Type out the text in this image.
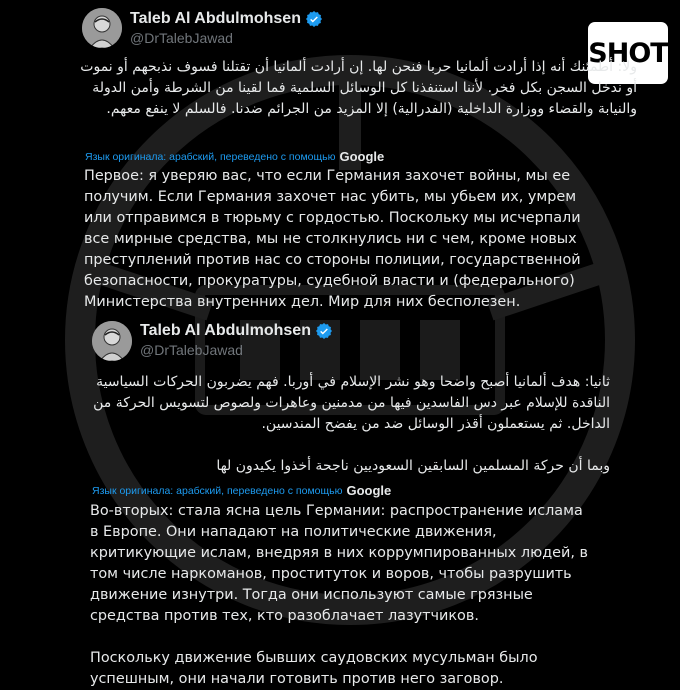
SHOT
Taleb Al Abdulmohsen
@DrTalebJawad
ولا: أطمئنك أنه إذا أرادت ألمانيا حربا فنحن لها. إن أرادت ألمانيا أن تقتلنا فسوف نذبحهم أو نموت أو ندخل السجن بكل فخر. لأننا استنفذنا كل الوسائل السلمية فما لقينا من الشرطة وأمن الدولة والنيابة والقضاء ووزارة الداخلية (الفدرالية) إلا المزيد من الجرائم ضدنا. فالسلم لا ينفع معهم.
Язык оригинала: арабский, переведено с помощью Google
Первое: я уверяю вас, что если Германия захочет войны, мы ее получим. Если Германия захочет нас убить, мы убьем их, умрем или отправимся в тюрьму с гордостью. Поскольку мы исчерпали все мирные средства, мы не столкнулись ни с чем, кроме новых преступлений против нас со стороны полиции, государственной безопасности, прокуратуры, судебной власти и (федерального) Министерства внутренних дел. Мир для них бесполезен.
Taleb Al Abdulmohsen
@DrTalebJawad
ثانيا: هدف ألمانيا أصبح واضحا وهو نشر الإسلام في أوربا. فهم يضربون الحركات السياسية الناقدة للإسلام عبر دس الفاسدين فيها من مدمنين وعاهرات ولصوص لتسويس الحركة من الداخل. ثم يستعملون أقذر الوسائل ضد من يفضح المندسين.

وبما أن حركة المسلمين السابقين السعوديين ناجحة أخذوا يكيدون لها
Язык оригинала: арабский, переведено с помощью Google
Во-вторых: стала ясна цель Германии: распространение ислама в Европе. Они нападают на политические движения, критикующие ислам, внедряя в них коррумпированных людей, в том числе наркоманов, проституток и воров, чтобы разрушить движение изнутри. Тогда они используют самые грязные средства против тех, кто разоблачает лазутчиков.

Поскольку движение бывших саудовских мусульман было успешным, они начали готовить против него заговор.
